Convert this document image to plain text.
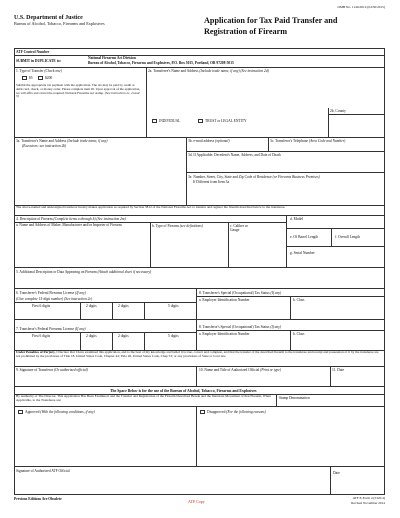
OMB No. 1140-0014 (04/30/2015)
U.S. Department of Justice
Bureau of Alcohol, Tobacco, Firearms and Explosives	Application for Tax Paid Transfer and
Registration of Firearm
ATF Control Number
SUBMIT in DUPLICATE to:
National Firearms Act Division
Bureau of Alcohol, Tobacco, Firearms and Explosives, P.O. Box 5015, Portland, OR 97208-5015
1. Type of Transfer (Check one)
$5	$200
Submit the appropriate tax payment with the application. The tax may be paid by credit or debit card, check, or money order. Please complete item 20. Upon approval of the application, we will affix and cancel the required National Firearms Act stamp. (See instruction 2c, 2i and 3)
2a. Transferee's Name and Address (Include trade name, if any) (See instruction 2d)
2b. County
INDIVIDUAL	TRUST or LEGAL ENTITY
3a. Transferor's Name and Address (Include trade name, if any)
(Executors: see instruction 2k)
3b. e-mail address (optional)	3c. Transferor's Telephone (Area Code and Number)
3d. If Applicable: Decedent's Name, Address, and Date of Death
3e. Number, Street, City, State and Zip Code of Residence (or Firearms Business Premises)
If Different from Item 3a
The above-named and undersigned transferor hereby makes application as required by Section 5812 of the National Firearms Act to transfer and register the firearm described below to the transferee.
4. Description of Firearm (Complete items a through h) (See instruction 2m)	d. Model
a. Name and Address of Maker, Manufacturer and/or Importer of Firearm	b. Type of Firearm (see definitions)	c. Caliber or Gauge
e. Of Barrel Length	f. Overall Length
g. Serial Number
5. Additional Description or Data Appearing on Firearm (Attach additional sheet if necessary)
6. Transferee's Federal Firearms License (If any)
(Give complete 15-digit number) (See instruction 2c)
First 6 digits	2 digits	2 digits	5 digits
8. Transferee's Special (Occupational) Tax Status (If any)
a. Employer Identification Number	b. Class
7. Transferor's Federal Firearms License (If any)
First 6 digits	2 digits	2 digits	5 digits
8. Transferor's Special (Occupational) Tax Status (If any)
a. Employer Identification Number	b. Class
Under Penalties of Perjury, I Declare that I have examined this application, and to the best of my knowledge and belief it is true, correct and complete, and that the transfer of the described firearm to the transferee and receipt and possession of it by the transferee are not prohibited by the provisions of Title 18, United States Code, Chapter 44; Title 26, United States Code, Chap 53; or any provisions of State or local law.
9. Signature of Transferor (Or authorized official)	10. Name and Title of Authorized Official (Print or type)	11. Date
The Space Below is for the use of the Bureau of Alcohol, Tobacco, Firearms and Explosives
By Authority of The Director, This Application Has Been Examined, and the Transfer and Registration of the Firearm Described Herein and the Interstate Movement of that Firearm, When Applicable, to the Transferee are:	Stamp Denomination
Approved (With the following conditions, if any)	Disapproved (For the following reasons)
Signature of Authorized ATF Official	Date
Previous Editions Are Obsolete	ATF Copy
ATF E-Form 4 (5320.4)
Revised November 2014
